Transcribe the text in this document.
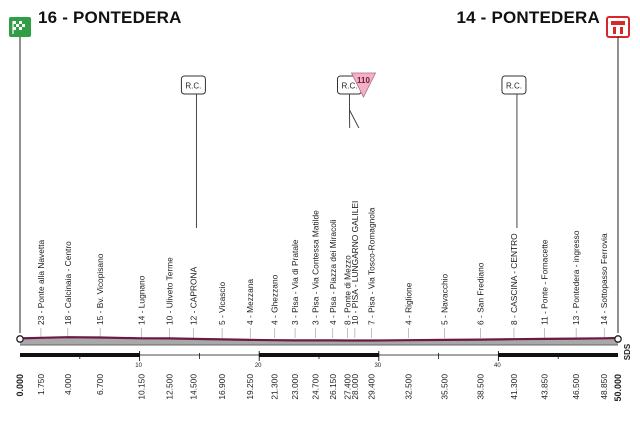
16 - PONTEDERA	14 - PONTEDERA
R.C.	R.C.	R.C.
110
23 - Ponte alla Navetta 18 - Calcinaia - Centro	15 - Bv. Vicopisano	14 - Lugnano 10 - Uliveto Terme 12 - CAPRONA 5 - Vicascio 4 - Mezzana 4 - Ghezzano 3 - Pisa - Via di Pratale 3 - Pisa - Via Contessa Matilde 4 - Pisa - Piazza dei Miracoli 8 - Ponte di Mezzo
10 - PISA - LUNGARNO GALILEI 7 - Pisa - Via Tosco-Romagnola	4 - Riglione	5 - Navacchio	6 - San Frediano	8 - CASCINA - CENTRO 11 - Ponte - Fornacette	13 - Pontedera - ingresso 14 - Sottopasso Ferrovia
10	20	30	40
0.000 1.750 4.000	6.700	10.150 12.500 14.500 16.900 19.250 21.300 23.000 24.700 26.150 27.400
28.000 29.400	32.500	35.500	38.500	41.300 43.850	46.500 48.850 50.000
SDS
